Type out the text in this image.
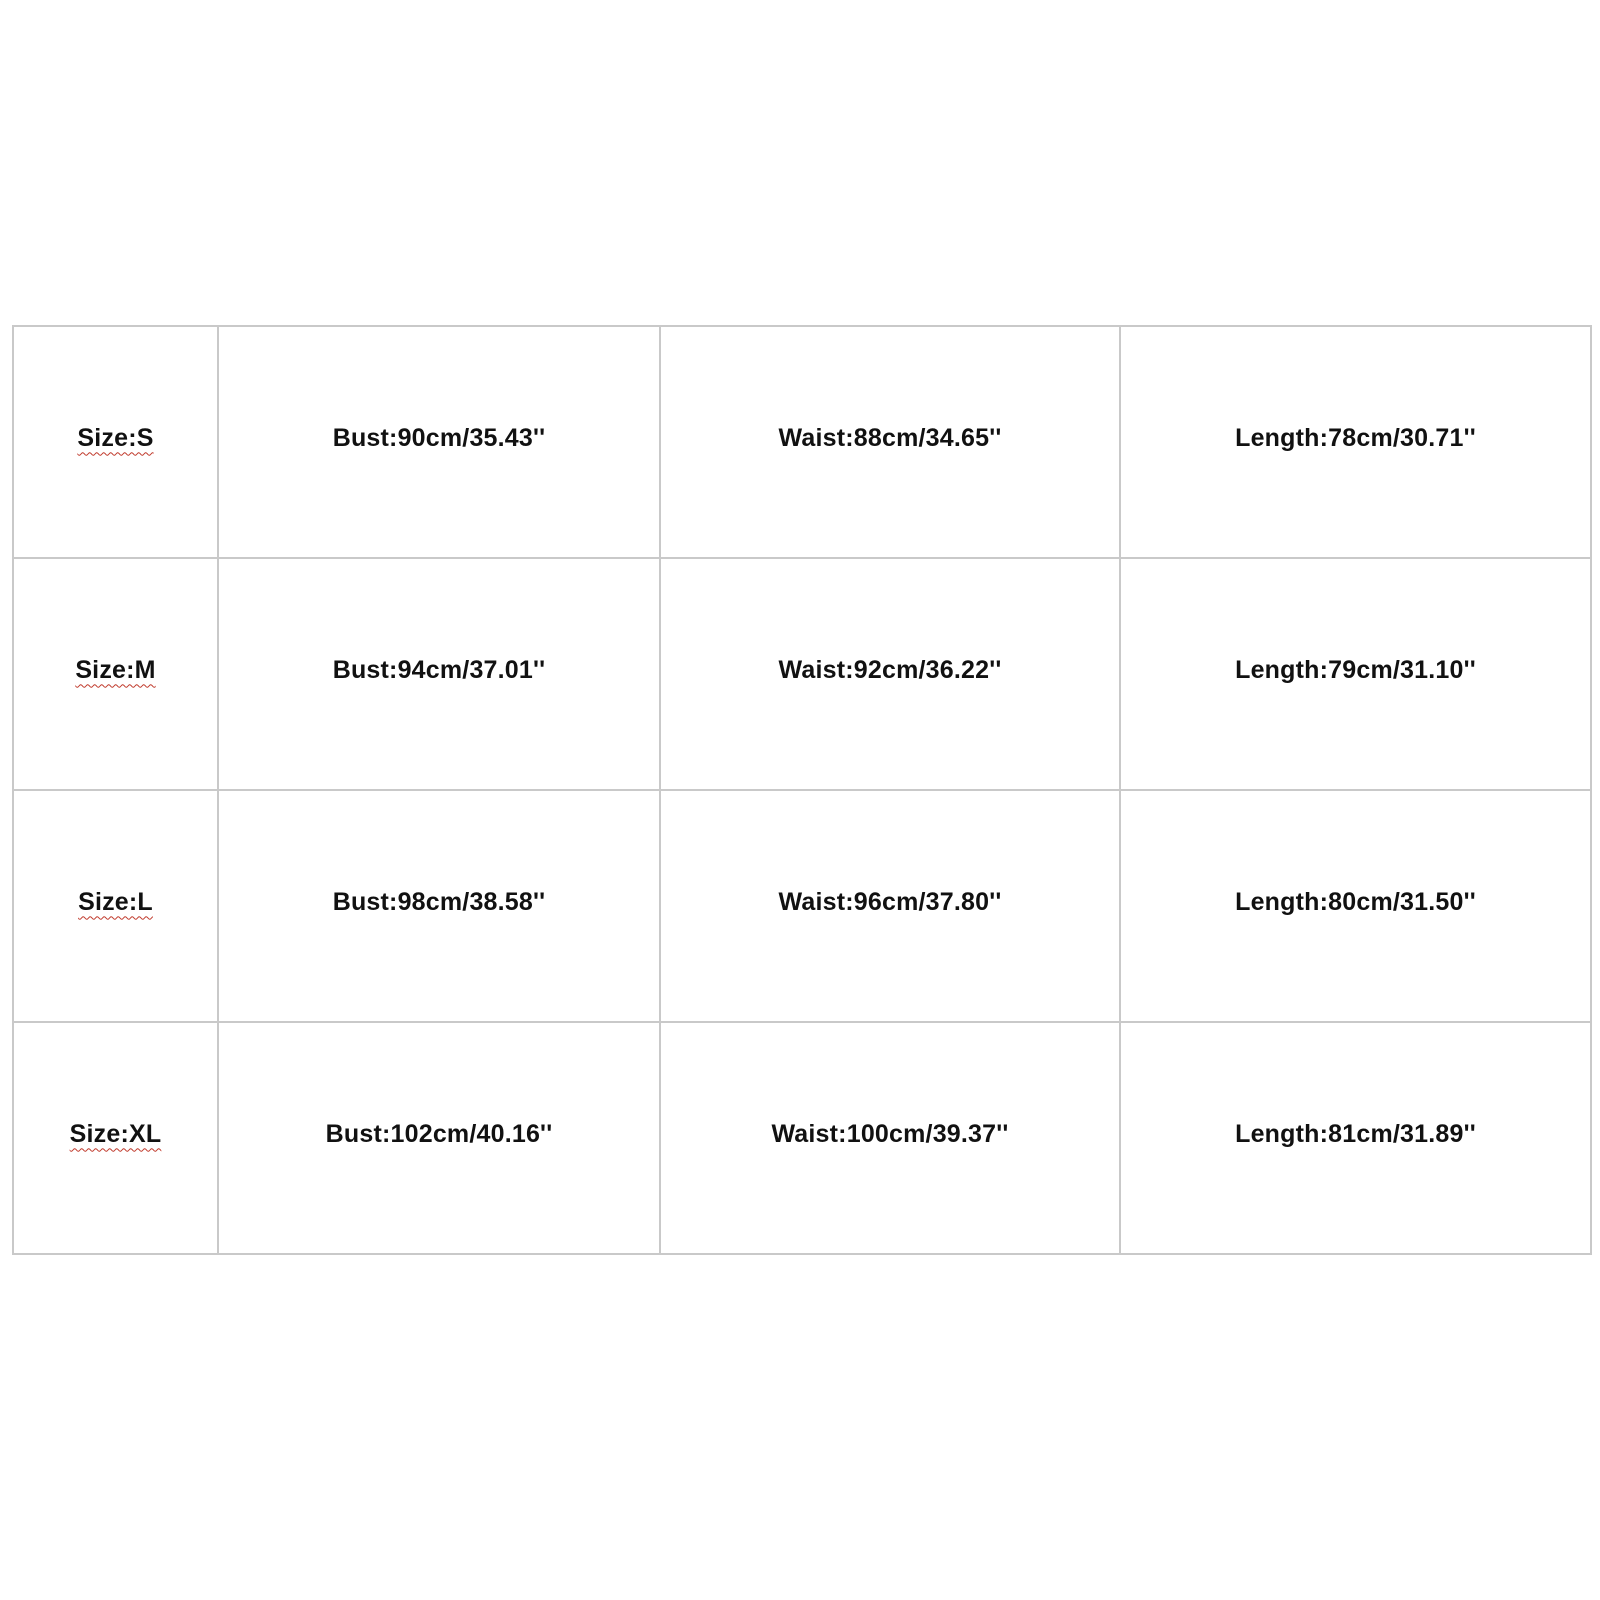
Size:S	Bust:90cm/35.43''	Waist:88cm/34.65''	Length:78cm/30.71''
Size:M	Bust:94cm/37.01''	Waist:92cm/36.22''	Length:79cm/31.10''
Size:L	Bust:98cm/38.58''	Waist:96cm/37.80''	Length:80cm/31.50''
Size:XL	Bust:102cm/40.16''	Waist:100cm/39.37''	Length:81cm/31.89''
